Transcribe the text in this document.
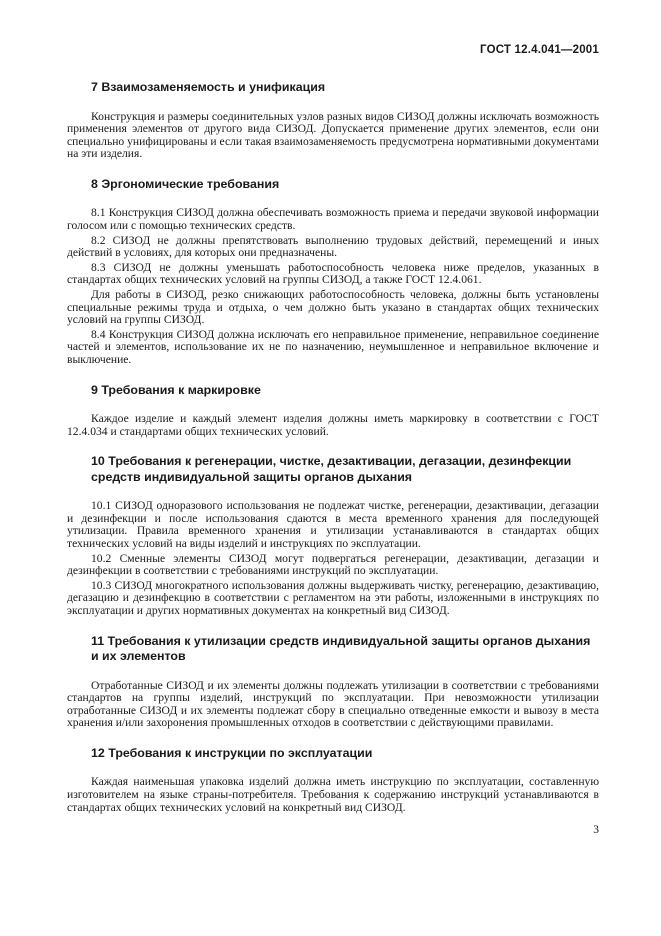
ГОСТ 12.4.041—2001
7 Взаимозаменяемость и унификация

Конструкция и размеры соединительных узлов разных видов СИЗОД должны исключать возможность применения элементов от другого вида СИЗОД. Допускается применение других элементов, если они специально унифицированы и если такая взаимозаменяемость предусмотрена нормативными документами на эти изделия.

8 Эргономические требования

8.1 Конструкция СИЗОД должна обеспечивать возможность приема и передачи звуковой информации голосом или с помощью технических средств.

8.2 СИЗОД не должны препятствовать выполнению трудовых действий, перемещений и иных действий в условиях, для которых они предназначены.

8.3 СИЗОД не должны уменьшать работоспособность человека ниже пределов, указанных в стандартах общих технических условий на группы СИЗОД, а также ГОСТ 12.4.061.

Для работы в СИЗОД, резко снижающих работоспособность человека, должны быть установлены специальные режимы труда и отдыха, о чем должно быть указано в стандартах общих технических условий на группы СИЗОД.

8.4 Конструкция СИЗОД должна исключать его неправильное применение, неправильное соединение частей и элементов, использование их не по назначению, неумышленное и неправильное включение и выключение.

9 Требования к маркировке

Каждое изделие и каждый элемент изделия должны иметь маркировку в соответствии с ГОСТ 12.4.034 и стандартами общих технических условий.

10 Требования к регенерации, чистке, дезактивации, дегазации, дезинфекции средств индивидуальной защиты органов дыхания

10.1 СИЗОД одноразового использования не подлежат чистке, регенерации, дезактивации, дегазации и дезинфекции и после использования сдаются в места временного хранения для последующей утилизации. Правила временного хранения и утилизации устанавливаются в стандартах общих технических условий на виды изделий и инструкциях по эксплуатации.

10.2 Сменные элементы СИЗОД могут подвергаться регенерации, дезактивации, дегазации и дезинфекции в соответствии с требованиями инструкций по эксплуатации.

10.3 СИЗОД многократного использования должны выдерживать чистку, регенерацию, дезактивацию, дегазацию и дезинфекцию в соответствии с регламентом на эти работы, изложенными в инструкциях по эксплуатации и других нормативных документах на конкретный вид СИЗОД.

11 Требования к утилизации средств индивидуальной защиты органов дыхания и их элементов

Отработанные СИЗОД и их элементы должны подлежать утилизации в соответствии с требованиями стандартов на группы изделий, инструкций по эксплуатации. При невозможности утилизации отработанные СИЗОД и их элементы подлежат сбору в специально отведенные емкости и вывозу в места хранения и/или захоронения промышленных отходов в соответствии с действующими правилами.

12 Требования к инструкции по эксплуатации

Каждая наименьшая упаковка изделий должна иметь инструкцию по эксплуатации, составленную изготовителем на языке страны-потребителя. Требования к содержанию инструкций устанавливаются в стандартах общих технических условий на конкретный вид СИЗОД.

3
